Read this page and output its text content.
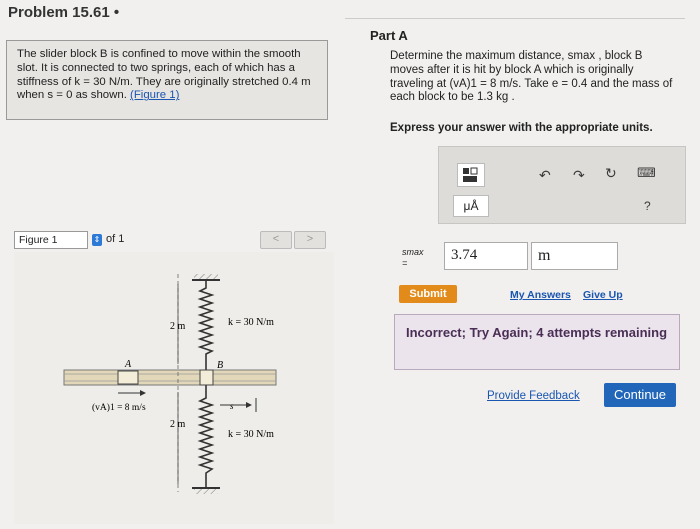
Problem 15.61 •
The slider block B is confined to move within the smooth slot. It is connected to two springs, each of which has a stiffness of k = 30 N/m. They are originally stretched 0.4 m when s = 0 as shown. (Figure 1)
Figure 1	⇕ of 1	<	>
A	B
k = 30 N/m
k = 30 N/m
2 m
2 m
(vA)1 = 8 m/s	s
Part A
Determine the maximum distance, smax , block B moves after it is hit by block A which is originally traveling at (vA)1 = 8 m/s. Take e = 0.4 and the mass of each block to be 1.3 kg .
Express your answer with the appropriate units.
μÅ
↶ ↷ ↻ ⌨
?
smax
=	3.74	m
Submit	My Answers Give Up
Incorrect; Try Again; 4 attempts remaining
Provide Feedback	Continue
